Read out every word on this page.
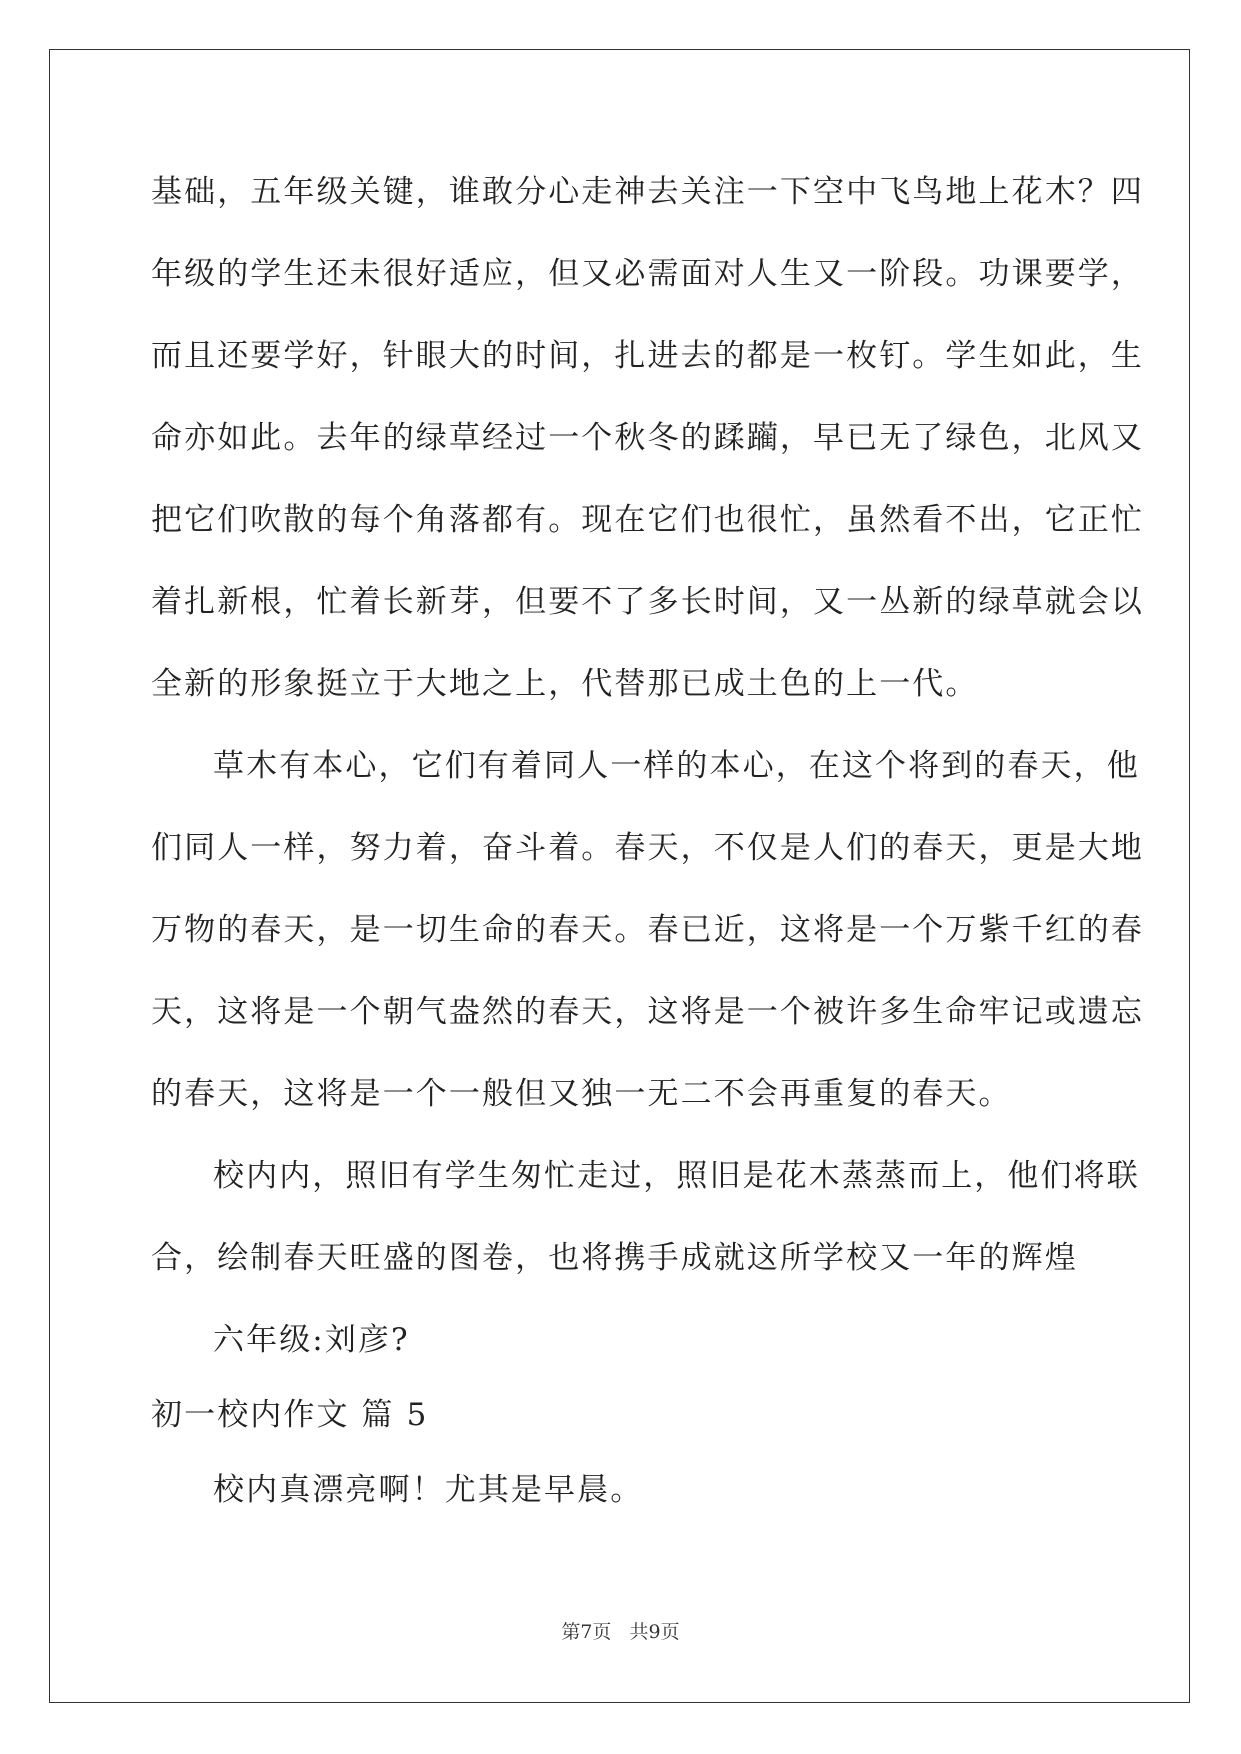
基础，五年级关键，谁敢分心走神去关注一下空中飞鸟地上花木？四
年级的学生还未很好适应，但又必需面对人生又一阶段。功课要学，
而且还要学好，针眼大的时间，扎进去的都是一枚钉。学生如此，生
命亦如此。去年的绿草经过一个秋冬的蹂躏，早已无了绿色，北风又
把它们吹散的每个角落都有。现在它们也很忙，虽然看不出，它正忙
着扎新根，忙着长新芽，但要不了多长时间，又一丛新的绿草就会以
全新的形象挺立于大地之上，代替那已成土色的上一代。
草木有本心，它们有着同人一样的本心，在这个将到的春天，他
们同人一样，努力着，奋斗着。春天，不仅是人们的春天，更是大地
万物的春天，是一切生命的春天。春已近，这将是一个万紫千红的春
天，这将是一个朝气盎然的春天，这将是一个被许多生命牢记或遗忘
的春天，这将是一个一般但又独一无二不会再重复的春天。
校内内，照旧有学生匆忙走过，照旧是花木蒸蒸而上，他们将联
合，绘制春天旺盛的图卷，也将携手成就这所学校又一年的辉煌
六年级:刘彦?
初一校内作文 篇 5
校内真漂亮啊！尤其是早晨。
第7页   共9页
